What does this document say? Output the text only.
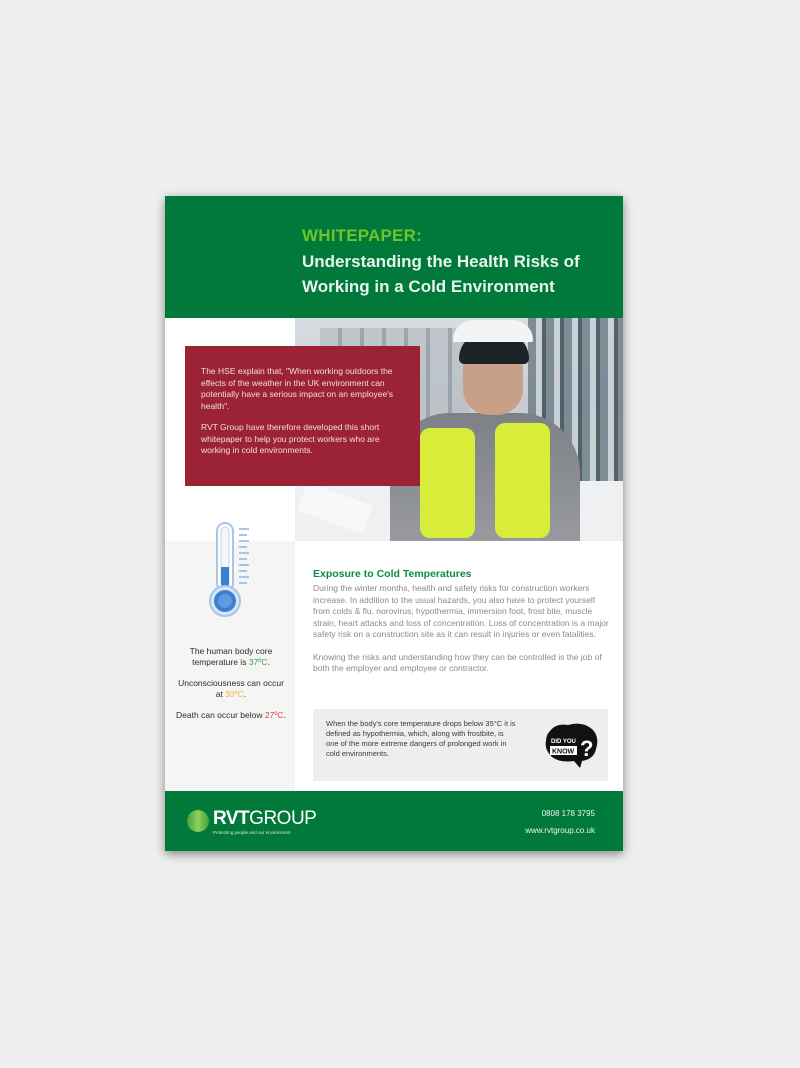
WHITEPAPER:
Understanding the Health Risks of Working in a Cold Environment

The HSE explain that, "When working outdoors the effects of the weather in the UK environment can potentially have a serious impact on an employee's health".

RVT Group have therefore developed this short whitepaper to help you protect workers who are working in cold environments.

The human body core temperature is 37ºC.

Unconsciousness can occur at 33ºC.

Death can occur below 27ºC.

Exposure to Cold Temperatures

During the winter months, health and safety risks for construction workers increase. In addition to the usual hazards, you also have to protect yourself from colds & flu, norovirus, hypothermia, immersion foot, frost bite, muscle strain, heart attacks and loss of concentration. Loss of concentration is a major safety risk on a construction site as it can result in injuries or even fatalities.

Knowing the risks and understanding how they can be controlled is the job of both the employer and employee or contractor.

When the body's core temperature drops below 35°C it is defined as hypothermia, which, along with frostbite, is one of the more extreme dangers of prolonged work in cold environments.
DID YOU
KNOW ?
RVTGROUP
Protecting people and our environment
0808 178 3795
www.rvtgroup.co.uk
